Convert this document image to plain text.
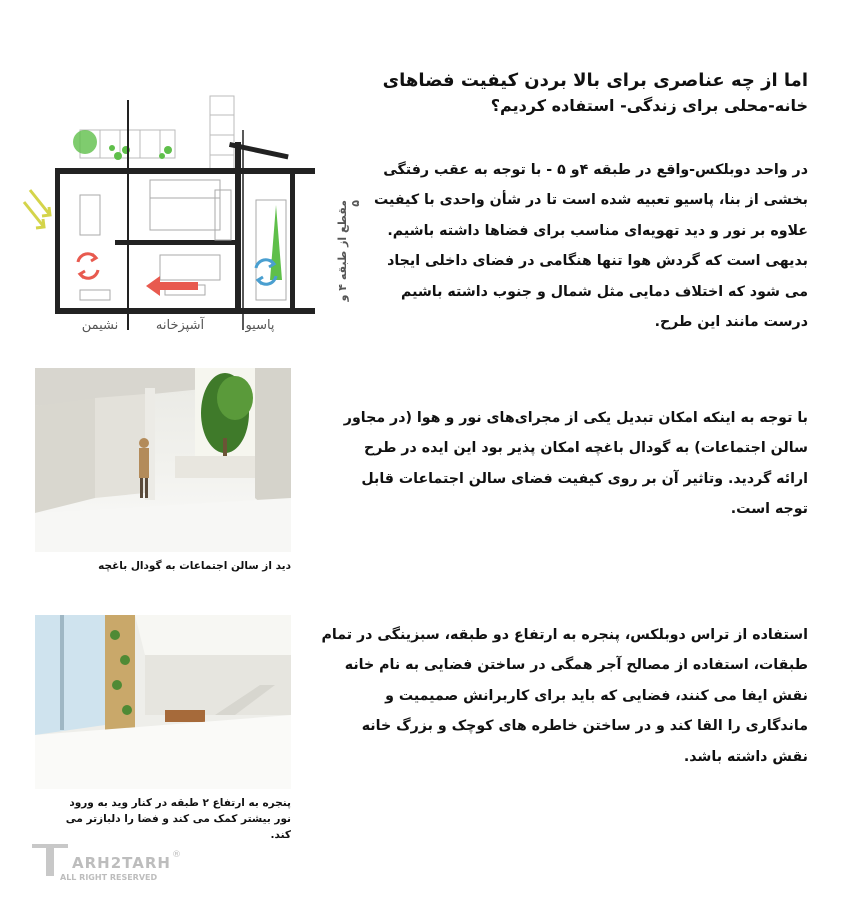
اما از چه عناصری برای بالا بردن کیفیت فضاهای
خانه-محلی برای زندگی- استفاده کردیم؟
مقطع از طبقه ۴ و ۵
پاسیو
آشپزخانه
نشیمن
در واحد دوبلکس-واقع در طبقه ۴و ۵ - با توجه به عقب رفتگی
بخشی از بنا، پاسیو تعبیه شده است تا در شأن واحدی با کیفیت
علاوه بر نور و دید تهویه‌ای مناسب برای فضاها داشته باشیم.
بدیهی است که گردش هوا تنها هنگامی در فضای داخلی ایجاد
می شود که اختلاف دمایی مثل شمال و جنوب داشته باشیم
درست مانند این طرح.
دید از سالن اجتماعات به گودال باغچه
با توجه به اینکه امکان تبدیل یکی از مجرای‌های نور و هوا (در مجاور
سالن اجتماعات) به گودال باغچه امکان پذیر بود این ایده در طرح
ارائه گردید. وتاثیر آن بر روی کیفیت فضای سالن اجتماعات قابل
توجه است.
پنجره به ارتفاع ۲ طبقه در کنار وید به ورود
نور بیشتر کمک می کند و فضا را دلبازتر می
کند.
استفاده از تراس دوبلکس، پنجره به ارتفاع دو طبقه، سبزینگی در تمام
طبقات، استفاده از مصالح آجر همگی در ساختن فضایی به نام خانه
نقش ایفا می کنند، فضایی که باید برای کاربرانش صمیمیت و
ماندگاری را القا کند و در ساختن خاطره های کوچک و بزرگ خانه
نقش داشته باشد.
ARH2TARH ®
ALL RIGHT RESERVED
